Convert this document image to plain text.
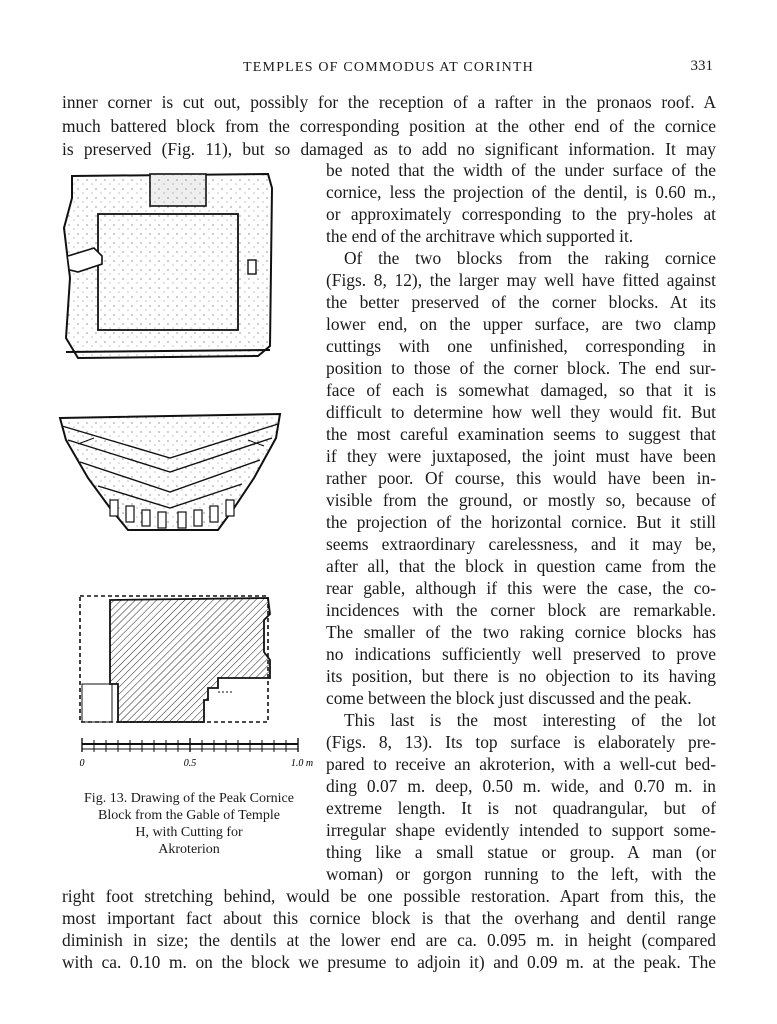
TEMPLES OF COMMODUS AT CORINTH	331
inner corner is cut out, possibly for the reception of a rafter in the pronaos roof. A
much battered block from the corresponding position at the other end of the cornice
is preserved (Fig. 11), but so damaged as to add no significant information. It may
be noted that the width of the under surface of the
cornice, less the projection of the dentil, is 0.60 m.,
or approximately corresponding to the pry-holes at
the end of the architrave which supported it.
Of the two blocks from the raking cornice
(Figs. 8, 12), the larger may well have fitted against
the better preserved of the corner blocks. At its
lower end, on the upper surface, are two clamp
cuttings with one unfinished, corresponding in
position to those of the corner block. The end sur-
face of each is somewhat damaged, so that it is
difficult to determine how well they would fit. But
the most careful examination seems to suggest that
if they were juxtaposed, the joint must have been
rather poor. Of course, this would have been in-
visible from the ground, or mostly so, because of
the projection of the horizontal cornice. But it still
seems extraordinary carelessness, and it may be,
after all, that the block in question came from the
rear gable, although if this were the case, the co-
incidences with the corner block are remarkable.
The smaller of the two raking cornice blocks has
no indications sufficiently well preserved to prove
its position, but there is no objection to its having
come between the block just discussed and the peak.
This last is the most interesting of the lot
(Figs. 8, 13). Its top surface is elaborately pre-
pared to receive an akroterion, with a well-cut bed-
ding 0.07 m. deep, 0.50 m. wide, and 0.70 m. in
extreme length. It is not quadrangular, but of
irregular shape evidently intended to support some-
thing like a small statue or group. A man (or
woman) or gorgon running to the left, with the
right foot stretching behind, would be one possible restoration. Apart from this, the
most important fact about this cornice block is that the overhang and dentil range
diminish in size; the dentils at the lower end are ca. 0.095 m. in height (compared
with ca. 0.10 m. on the block we presume to adjoin it) and 0.09 m. at the peak. The
0	0.5	1.0 m
Fig. 13. Drawing of the Peak Cornice
Block from the Gable of Temple
H, with Cutting for
Akroterion
